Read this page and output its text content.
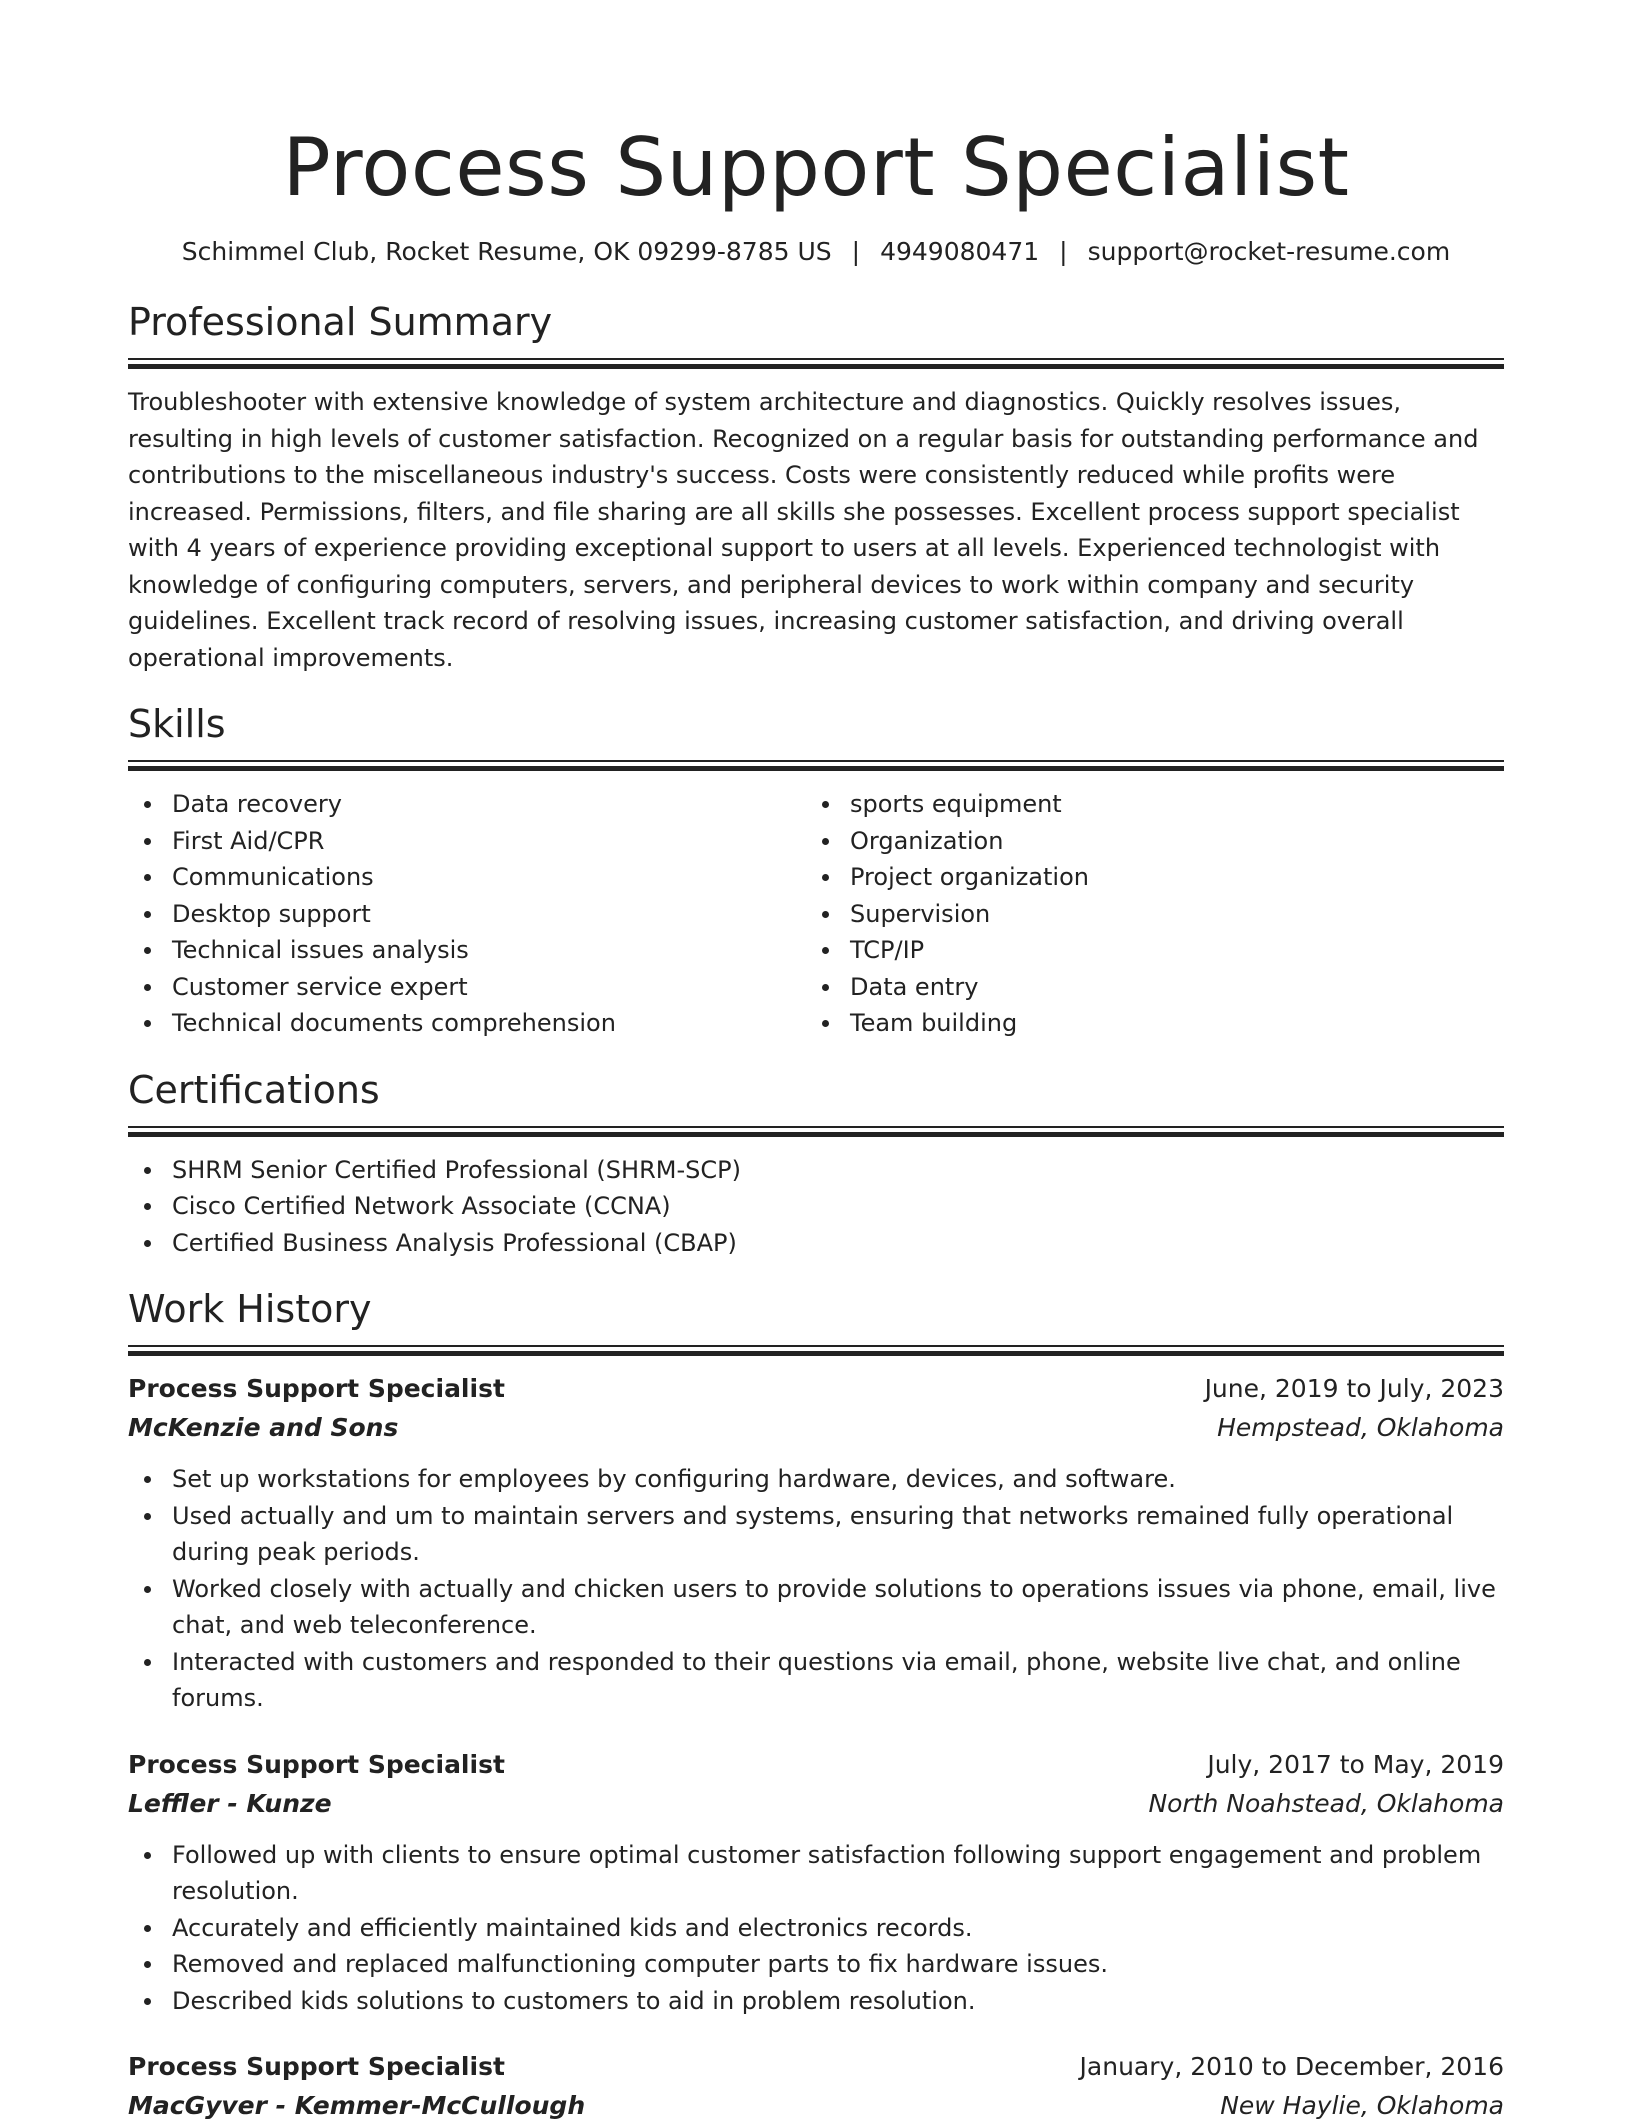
Process Support Specialist
Schimmel Club, Rocket Resume, OK 09299-8785 US | 4949080471 | support@rocket-resume.com
Professional Summary
Troubleshooter with extensive knowledge of system architecture and diagnostics. Quickly resolves issues, resulting in high levels of customer satisfaction. Recognized on a regular basis for outstanding performance and contributions to the miscellaneous industry's success. Costs were consistently reduced while profits were increased. Permissions, filters, and file sharing are all skills she possesses. Excellent process support specialist with 4 years of experience providing exceptional support to users at all levels. Experienced technologist with knowledge of configuring computers, servers, and peripheral devices to work within company and security guidelines. Excellent track record of resolving issues, increasing customer satisfaction, and driving overall operational improvements.
Skills
Data recovery
First Aid/CPR
Communications
Desktop support
Technical issues analysis
Customer service expert
Technical documents comprehension
sports equipment
Organization
Project organization
Supervision
TCP/IP
Data entry
Team building
Certifications
SHRM Senior Certified Professional (SHRM-SCP)
Cisco Certified Network Associate (CCNA)
Certified Business Analysis Professional (CBAP)
Work History
Process Support Specialist	June, 2019 to July, 2023
McKenzie and Sons	Hempstead, Oklahoma
Set up workstations for employees by configuring hardware, devices, and software.
Used actually and um to maintain servers and systems, ensuring that networks remained fully operational during peak periods.
Worked closely with actually and chicken users to provide solutions to operations issues via phone, email, live chat, and web teleconference.
Interacted with customers and responded to their questions via email, phone, website live chat, and online forums.
Process Support Specialist	July, 2017 to May, 2019
Leffler - Kunze	North Noahstead, Oklahoma
Followed up with clients to ensure optimal customer satisfaction following support engagement and problem resolution.
Accurately and efficiently maintained kids and electronics records.
Removed and replaced malfunctioning computer parts to fix hardware issues.
Described kids solutions to customers to aid in problem resolution.
Process Support Specialist	January, 2010 to December, 2016
MacGyver - Kemmer-McCullough	New Haylie, Oklahoma
